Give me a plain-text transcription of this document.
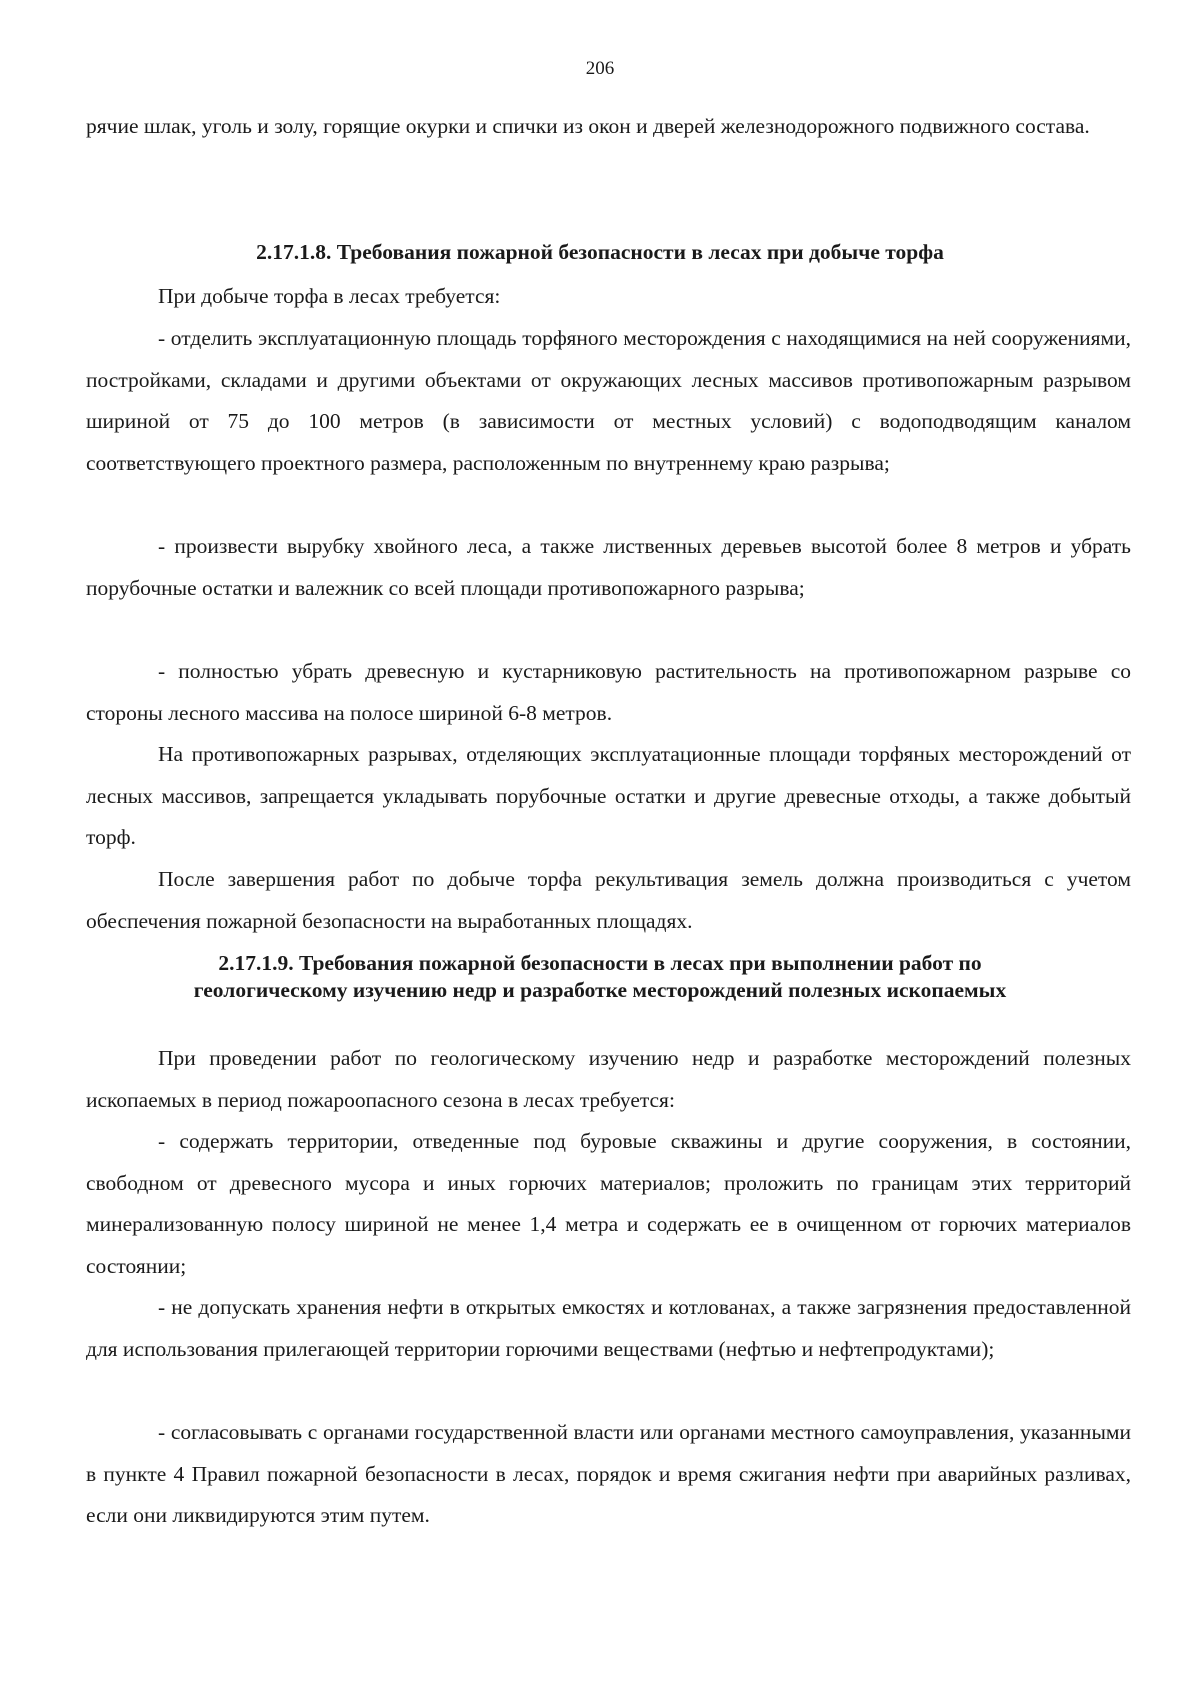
206

рячие шлак, уголь и золу, горящие окурки и спички из окон и дверей железнодорожного подвижного состава.

2.17.1.8. Требования пожарной безопасности в лесах при добыче торфа

При добыче торфа в лесах требуется:

- отделить эксплуатационную площадь торфяного месторождения с находящимися на ней сооружениями, постройками, складами и другими объектами от окружающих лесных массивов противопожарным разрывом шириной от 75 до 100 метров (в зависимости от местных условий) с водоподводящим каналом соответствующего проектного размера, расположенным по внутреннему краю разрыва;

- произвести вырубку хвойного леса, а также лиственных деревьев высотой более 8 метров и убрать порубочные остатки и валежник со всей площади противопожарного разрыва;

- полностью убрать древесную и кустарниковую растительность на противопожарном разрыве со стороны лесного массива на полосе шириной 6-8 метров.

На противопожарных разрывах, отделяющих эксплуатационные площади торфяных месторождений от лесных массивов, запрещается укладывать порубочные остатки и другие древесные отходы, а также добытый торф.

После завершения работ по добыче торфа рекультивация земель должна производиться с учетом обеспечения пожарной безопасности на выработанных площадях.

2.17.1.9. Требования пожарной безопасности в лесах при выполнении работ по геологическому изучению недр и разработке месторождений полезных ископаемых

При проведении работ по геологическому изучению недр и разработке месторождений полезных ископаемых в период пожароопасного сезона в лесах требуется:

- содержать территории, отведенные под буровые скважины и другие сооружения, в состоянии, свободном от древесного мусора и иных горючих материалов; проложить по границам этих территорий минерализованную полосу шириной не менее 1,4 метра и содержать ее в очищенном от горючих материалов состоянии;

- не допускать хранения нефти в открытых емкостях и котлованах, а также загрязнения предоставленной для использования прилегающей территории горючими веществами (нефтью и нефтепродуктами);

- согласовывать с органами государственной власти или органами местного самоуправления, указанными в пункте 4 Правил пожарной безопасности в лесах, порядок и время сжигания нефти при аварийных разливах, если они ликвидируются этим путем.
